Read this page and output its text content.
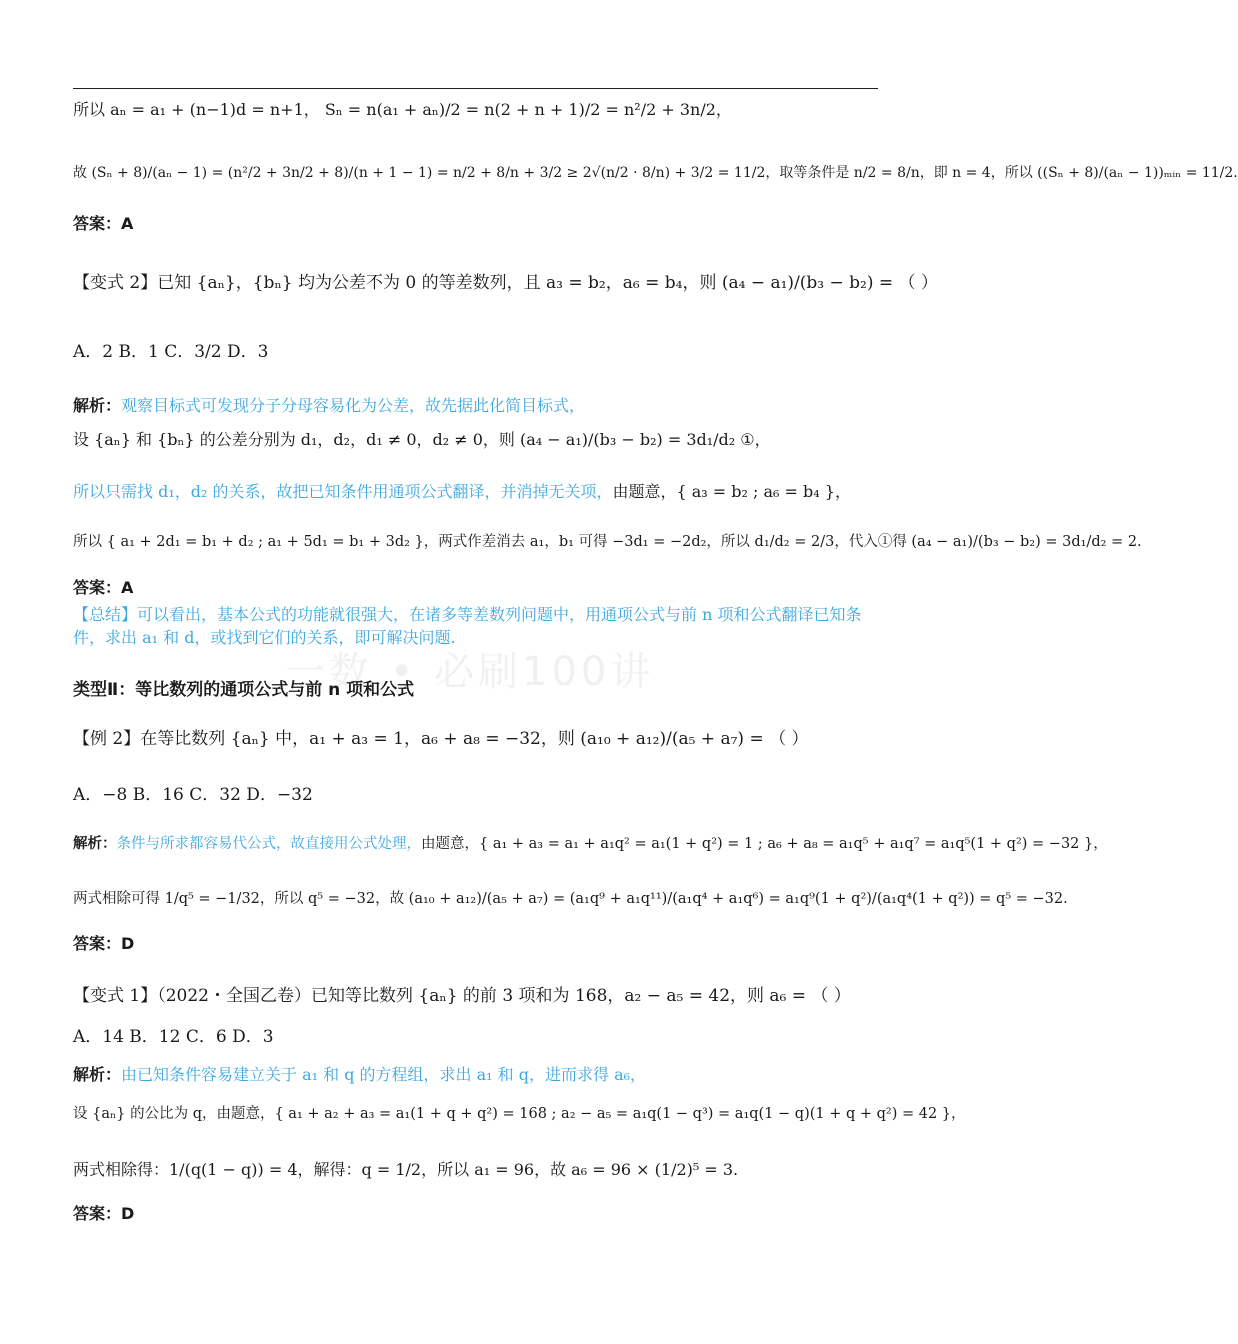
一数 • 必刷100讲
所以 aₙ = a₁ + (n−1)d = n+1， Sₙ = n(a₁ + aₙ)/2 = n(2 + n + 1)/2 = n²/2 + 3n/2，
故 (Sₙ + 8)/(aₙ − 1) = (n²/2 + 3n/2 + 8)/(n + 1 − 1) = n/2 + 8/n + 3/2 ≥ 2√(n/2 · 8/n) + 3/2 = 11/2，取等条件是 n/2 = 8/n，即 n = 4，所以 ((Sₙ + 8)/(aₙ − 1))ₘᵢₙ = 11/2.
答案：A
【变式 2】已知 {aₙ}，{bₙ} 均为公差不为 0 的等差数列，且 a₃ = b₂，a₆ = b₄，则 (a₄ − a₁)/(b₃ − b₂) = （ ）
A．2 B．1 C．3/2 D．3
解析：观察目标式可发现分子分母容易化为公差，故先据此化简目标式，
设 {aₙ} 和 {bₙ} 的公差分别为 d₁，d₂，d₁ ≠ 0，d₂ ≠ 0，则 (a₄ − a₁)/(b₃ − b₂) = 3d₁/d₂ ①，
所以只需找 d₁，d₂ 的关系，故把已知条件用通项公式翻译，并消掉无关项，由题意，{ a₃ = b₂ ; a₆ = b₄ }，
所以 { a₁ + 2d₁ = b₁ + d₂ ; a₁ + 5d₁ = b₁ + 3d₂ }，两式作差消去 a₁，b₁ 可得 −3d₁ = −2d₂，所以 d₁/d₂ = 2/3，代入①得 (a₄ − a₁)/(b₃ − b₂) = 3d₁/d₂ = 2.
答案：A
【总结】可以看出，基本公式的功能就很强大，在诸多等差数列问题中，用通项公式与前 n 项和公式翻译已知条件，求出 a₁ 和 d，或找到它们的关系，即可解决问题.
类型Ⅱ：等比数列的通项公式与前 n 项和公式
【例 2】在等比数列 {aₙ} 中，a₁ + a₃ = 1，a₆ + a₈ = −32，则 (a₁₀ + a₁₂)/(a₅ + a₇) = （ ）
A．−8 B．16 C．32 D．−32
解析：条件与所求都容易代公式，故直接用公式处理，由题意，{ a₁ + a₃ = a₁ + a₁q² = a₁(1 + q²) = 1 ; a₆ + a₈ = a₁q⁵ + a₁q⁷ = a₁q⁵(1 + q²) = −32 }，
两式相除可得 1/q⁵ = −1/32，所以 q⁵ = −32，故 (a₁₀ + a₁₂)/(a₅ + a₇) = (a₁q⁹ + a₁q¹¹)/(a₁q⁴ + a₁q⁶) = a₁q⁹(1 + q²)/(a₁q⁴(1 + q²)) = q⁵ = −32.
答案：D
【变式 1】（2022・全国乙卷）已知等比数列 {aₙ} 的前 3 项和为 168，a₂ − a₅ = 42，则 a₆ = （ ）
A．14 B．12 C．6 D．3
解析：由已知条件容易建立关于 a₁ 和 q 的方程组，求出 a₁ 和 q，进而求得 a₆，
设 {aₙ} 的公比为 q，由题意，{ a₁ + a₂ + a₃ = a₁(1 + q + q²) = 168 ; a₂ − a₅ = a₁q(1 − q³) = a₁q(1 − q)(1 + q + q²) = 42 }，
两式相除得：1/(q(1 − q)) = 4，解得：q = 1/2，所以 a₁ = 96，故 a₆ = 96 × (1/2)⁵ = 3.
答案：D
